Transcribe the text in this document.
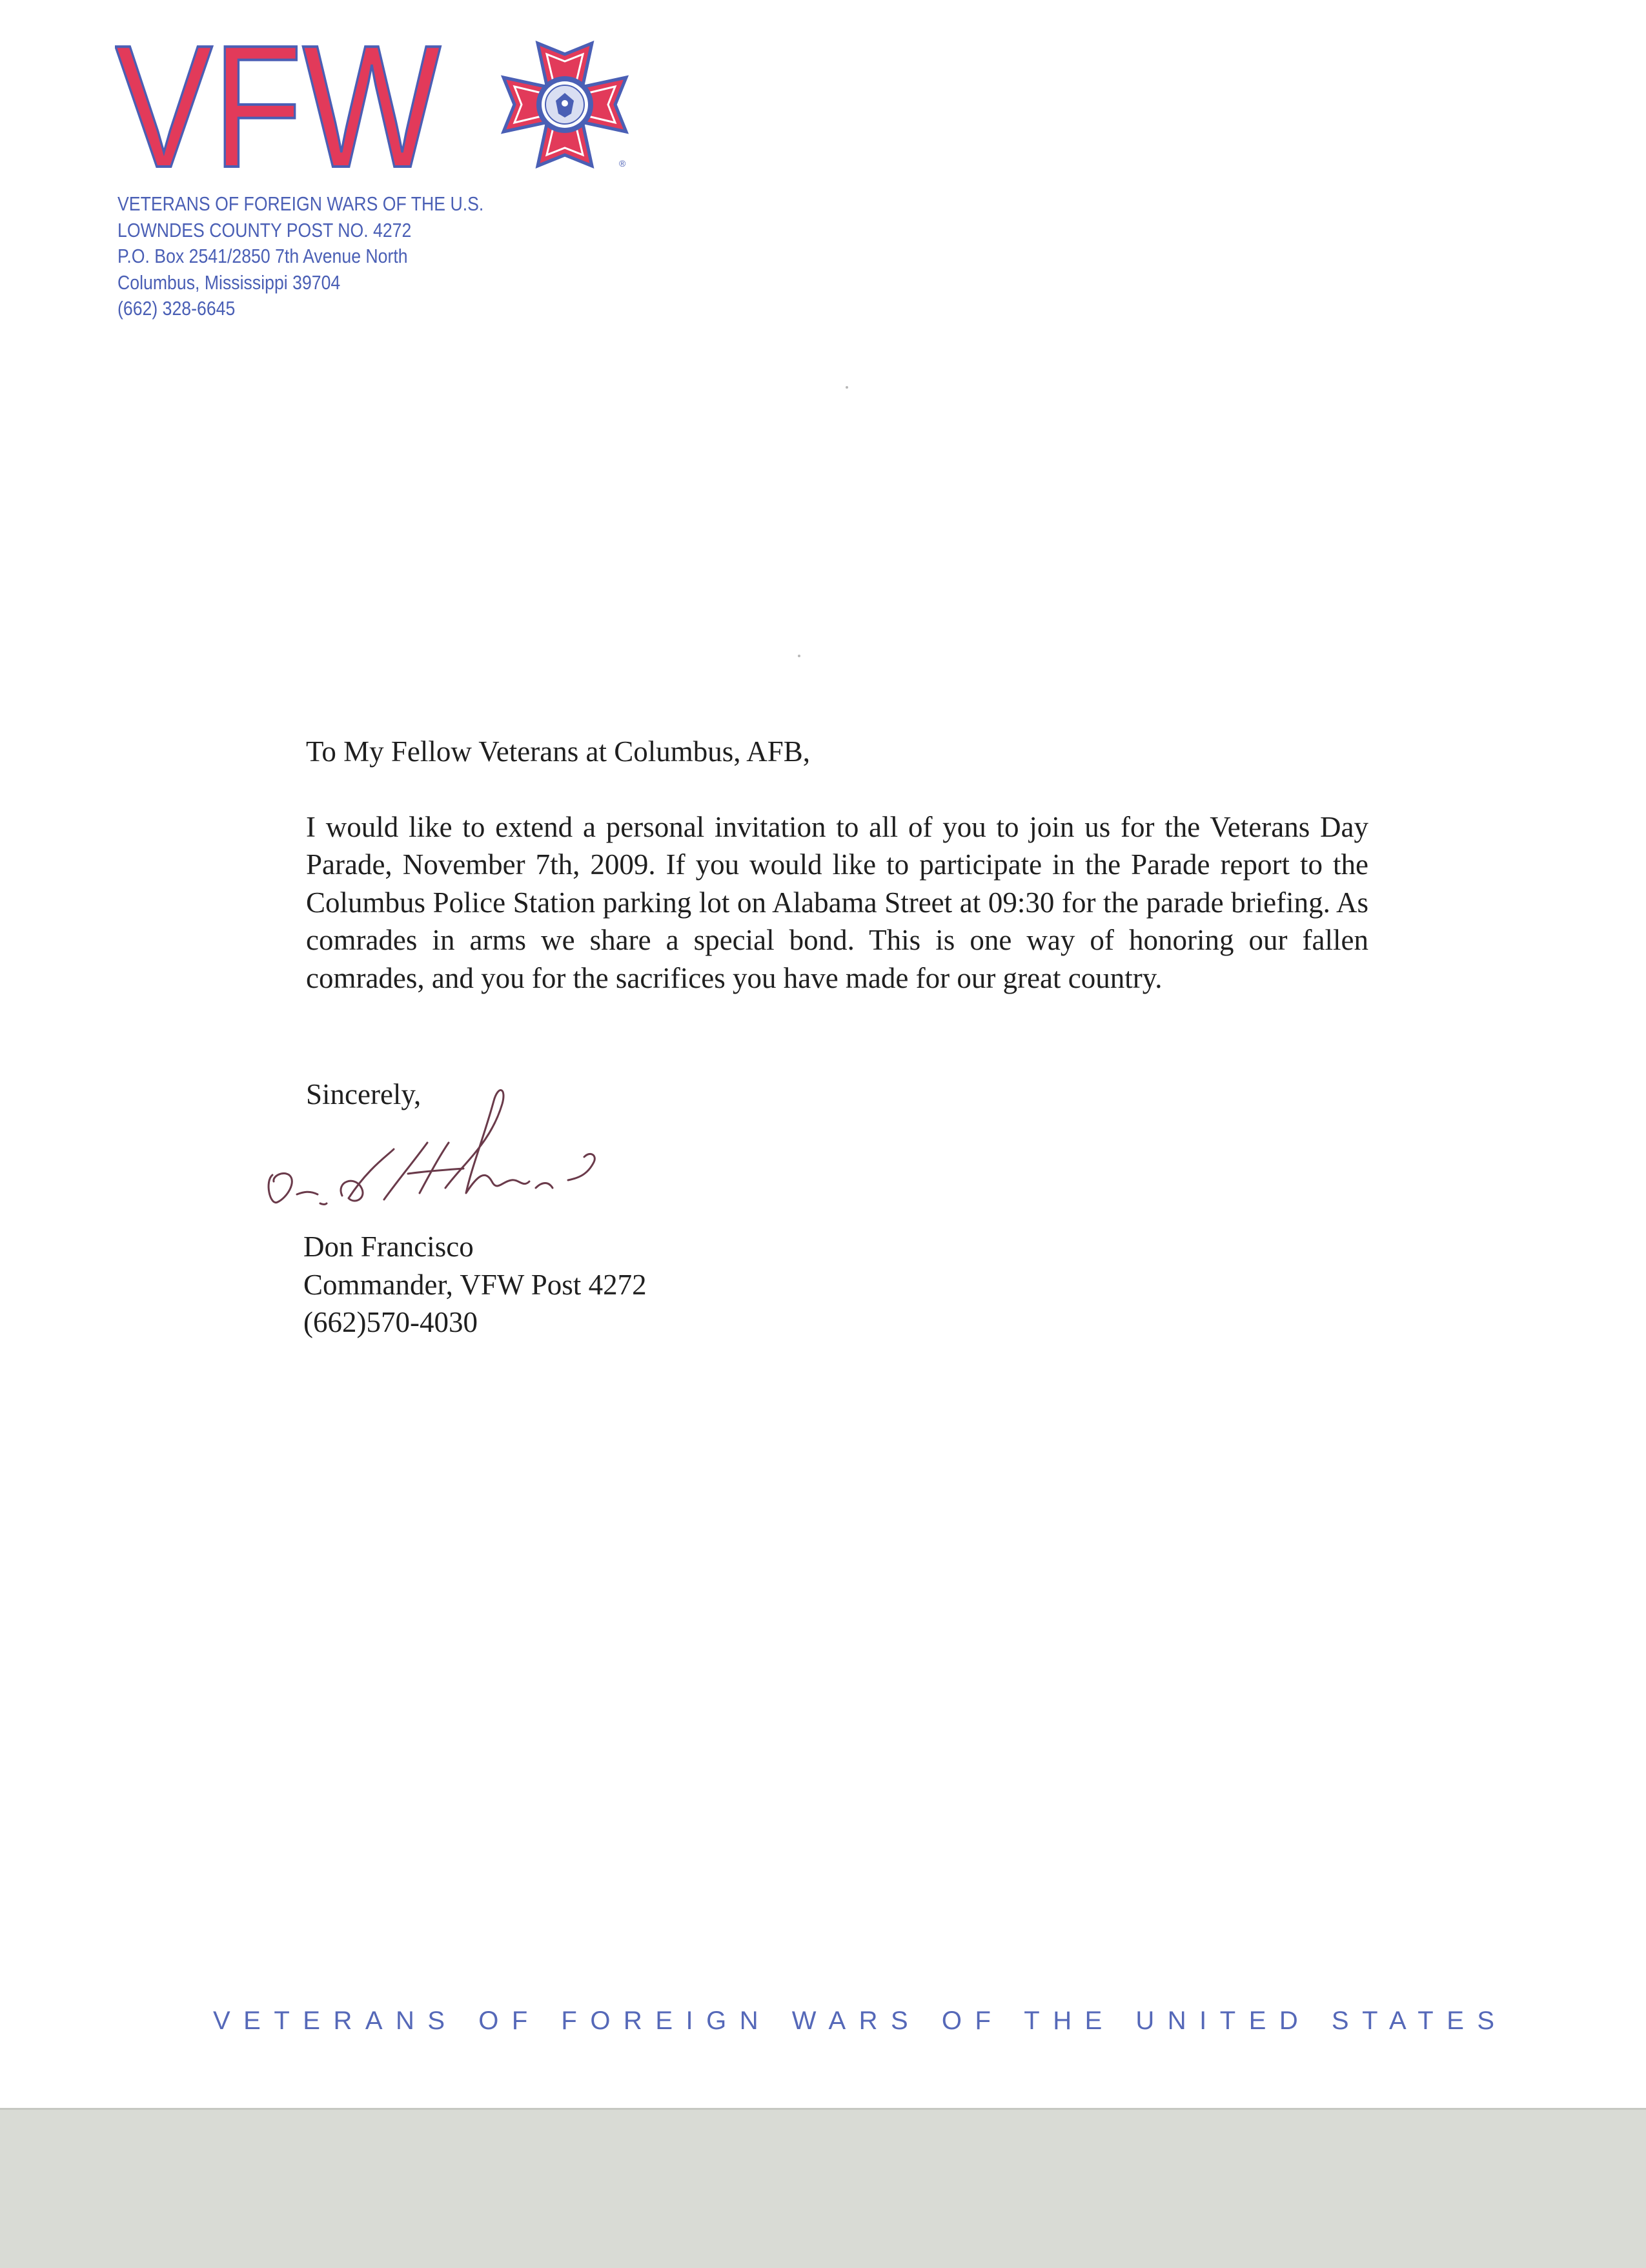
VFW	®
VETERANS OF FOREIGN WARS OF THE U.S.
LOWNDES COUNTY POST NO. 4272
P.O. Box 2541/2850 7th Avenue North
Columbus, Mississippi 39704
(662) 328-6645

To My Fellow Veterans at Columbus, AFB,

I would like to extend a personal invitation to all of you to join us for the Veterans Day Parade, November 7th, 2009. If you would like to participate in the Parade report to the Columbus Police Station parking lot on Alabama Street at 09:30 for the parade briefing. As comrades in arms we share a special bond. This is one way of honoring our fallen comrades, and you for the sacrifices you have made for our great country.

Sincerely,
Don Francisco
Commander, VFW Post 4272
(662)570-4030
VETERANS OF FOREIGN WARS OF THE UNITED STATES
